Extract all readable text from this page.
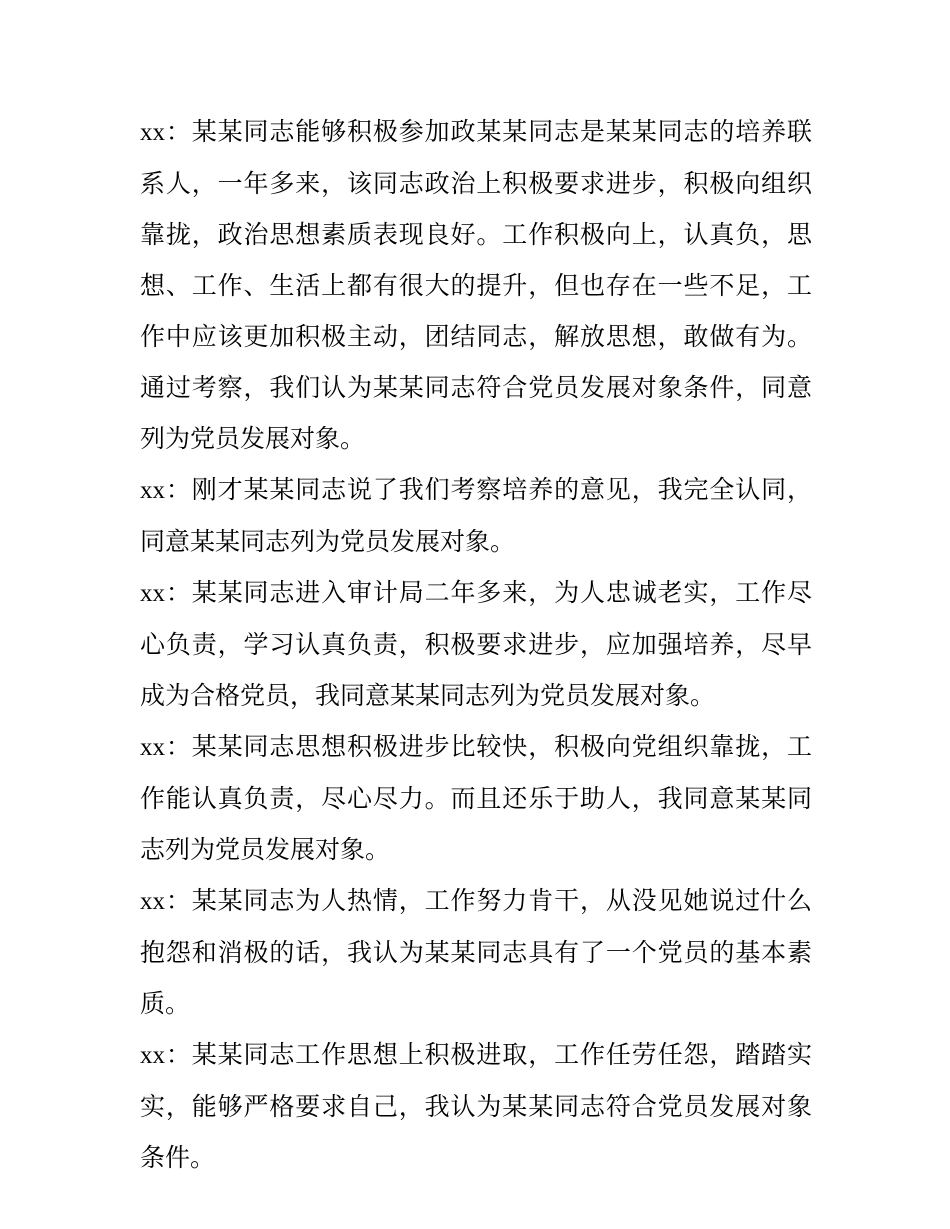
xx：某某同志能够积极参加政某某同志是某某同志的培养联系人，一年多来，该同志政治上积极要求进步，积极向组织靠拢，政治思想素质表现良好。工作积极向上，认真负，思想、工作、生活上都有很大的提升，但也存在一些不足，工作中应该更加积极主动，团结同志，解放思想，敢做有为。通过考察，我们认为某某同志符合党员发展对象条件，同意列为党员发展对象。

xx：刚才某某同志说了我们考察培养的意见，我完全认同，同意某某同志列为党员发展对象。

xx：某某同志进入审计局二年多来，为人忠诚老实，工作尽心负责，学习认真负责，积极要求进步，应加强培养，尽早成为合格党员，我同意某某同志列为党员发展对象。

xx：某某同志思想积极进步比较快，积极向党组织靠拢，工作能认真负责，尽心尽力。而且还乐于助人，我同意某某同志列为党员发展对象。

xx：某某同志为人热情，工作努力肯干，从没见她说过什么抱怨和消极的话，我认为某某同志具有了一个党员的基本素质。

xx：某某同志工作思想上积极进取，工作任劳任怨，踏踏实实，能够严格要求自己，我认为某某同志符合党员发展对象条件。
